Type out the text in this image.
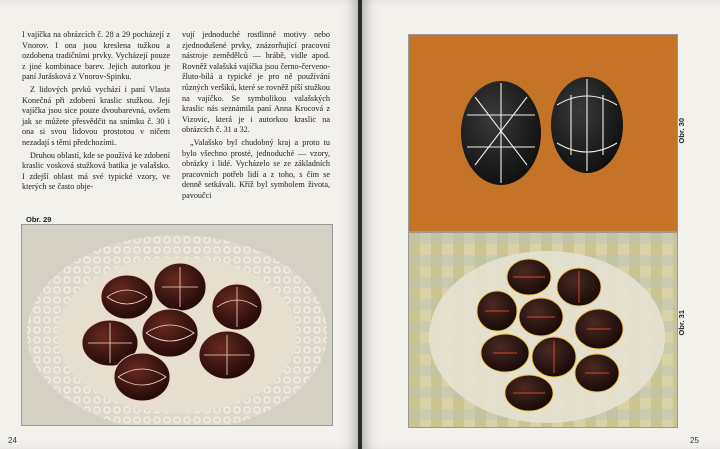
I vajíčka na obrázcích č. 28 a 29 pocházejí z Vnorov. I ona jsou kreslena tužkou a ozdobena tradičními prvky. Vycházejí pouze z jiné kombinace barev. Jejich autorkou je paní Jurásková z Vnorov-Spinku.

Z lidových prvků vychází i paní Vlasta Konečná při zdobení kraslic stužkou. Její vajíčka jsou sice pouze dvoubarevná, ovšem jak se můžete přesvědčit na snímku č. 30 i ona si svou lidovou prostotou v ničem nezadají s těmi předchozími.

Druhou oblastí, kde se používá ke zdobení kraslic vosková stužková batika je valašsko. I zdejší oblast má své typické vzory, ve kterých se často obje-

vují jednoduché rostlinné motivy nebo zjednodušené prvky, znázorňující pracovní nástroje zemědělců — hrábě, vidle apod. Rovněž valašská vajíčka jsou černo-červeno-žluto-bílá a typické je pro ně používání různých veršíků, které se rovněž píší stužkou na vajíčko. Se symbolikou valašských kraslic nás seznámila paní Anna Krocová z Vizovic, která je i autorkou kraslic na obrázcích č. 31 a 32.

„Valašsko byl chudobný kraj a proto tu bylo všechno prosté, jednoduché — vzory, obrázky i lidé. Vycházelo se ze základních pracovních potřeb lidí a z toho, s čím se denně setkávali. Kříž byl symbolem života, pavoučci

Obr. 29
Obr. 30
Obr. 31
24	25
